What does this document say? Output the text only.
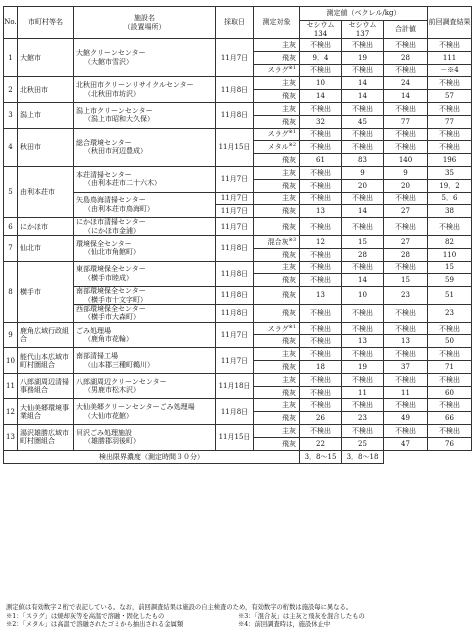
No.	市町村等名	施設名
（設置場所）	採取日	測定対象	測定値（ベクレル/kg）			前回調査結果
					セシウム134	セシウム137	合計値	
1	大館市	大館クリーンセンター
（大館市雪沢）	11月7日	主灰	不検出	不検出	不検出	不検出
				飛灰	9．4	19	28	111
				スラグ$^{※1}$	不検出	不検出	不検出	－※4
2	北秋田市	北秋田市クリーンリサイクルセンター
（北秋田市坊沢）	11月8日	主灰	10	14	24	不検出
				飛灰	14	14	14	57
3	潟上市	潟上市クリーンセンター
（潟上市昭和大久保）	11月8日	主灰	不検出	不検出	不検出	不検出
				飛灰	32	45	77	77
4	秋田市	総合環境センター
（秋田市河辺豊成）	11月15日	スラグ$^{※1}$	不検出	不検出	不検出	不検出
				メタル$^{※2}$	不検出	不検出	不検出	不検出
				飛灰	61	83	140	196
5	由利本荘市	本荘清掃センター
（由利本荘市二十六木）	11月7日	主灰	不検出	9	9	35
				飛灰	不検出	20	20	19．2

		矢島鳥海清掃センター
（由利本荘市鳥海町）	11月7日	主灰	不検出	不検出	不検出	5．6
			11月7日	飛灰	13	14	27	38
6	にかほ市	にかほ市清掃センター
（にかほ市金浦）	11月7日	飛灰	不検出	不検出	不検出	不検出
7	仙北市	環境保全センター
（仙北市角館町）	11月8日	混合灰$^{※3}$	12	15	27	82
				飛灰	不検出	28	28	110
8	横手市	東部環境保全センター
（横手市睦成）	11月8日	主灰	不検出	不検出	不検出	15
				飛灰	不検出	14	15	59

		南部環境保全センター
（横手市十文字町）	11月8日	飛灰	13	10	23	51

		西部環境保全センター
（横手市大森町）	11月8日	飛灰	不検出	不検出	不検出	23
9	鹿角広域行政組合	ごみ処理場
（鹿角市花輪）	11月7日	スラグ$^{※1}$	不検出	不検出	不検出	不検出
				飛灰	不検出	13	13	50
10	能代山本広域市町村圏組合	南部清掃工場
（山本郡三種町鵜川）	11月7日	主灰	不検出	不検出	不検出	不検出
				飛灰	18	19	37	71
11	八郎湖周辺清掃事務組合	八郎湖周辺クリーンセンター
（男鹿市松木沢）	11月18日	主灰	不検出	不検出	不検出	不検出
				飛灰	不検出	11	11	60
12	大仙美郷環境事業組合	大仙美郷クリーンセンターごみ処理場
（大仙市花館）	11月8日	主灰	不検出	不検出	不検出	不検出
				飛灰	26	23	49	66
13	湯沢雄勝広域市町村圏組合	貝沢ごみ処理施設
（雄勝郡羽後町）	11月15日	主灰	不検出	不検出	不検出	不検出
				飛灰	22	25	47	76
検出限界濃度（測定時間３０分）					3．8～15	3．8～18		
測定値は有効数字２桁で表記している。なお，前回調査結果は施設の自主検査のため，有効数字の桁数は施設毎に異なる。
※1：「スラグ」は焼却灰等を高温で溶融・固化したもの	※3：「混合灰」は主灰と飛灰を混合したもの
※2：「メタル」は高温で溶融されたゴミから抽出される金属類	※4：前回調査時は，施設休止中
